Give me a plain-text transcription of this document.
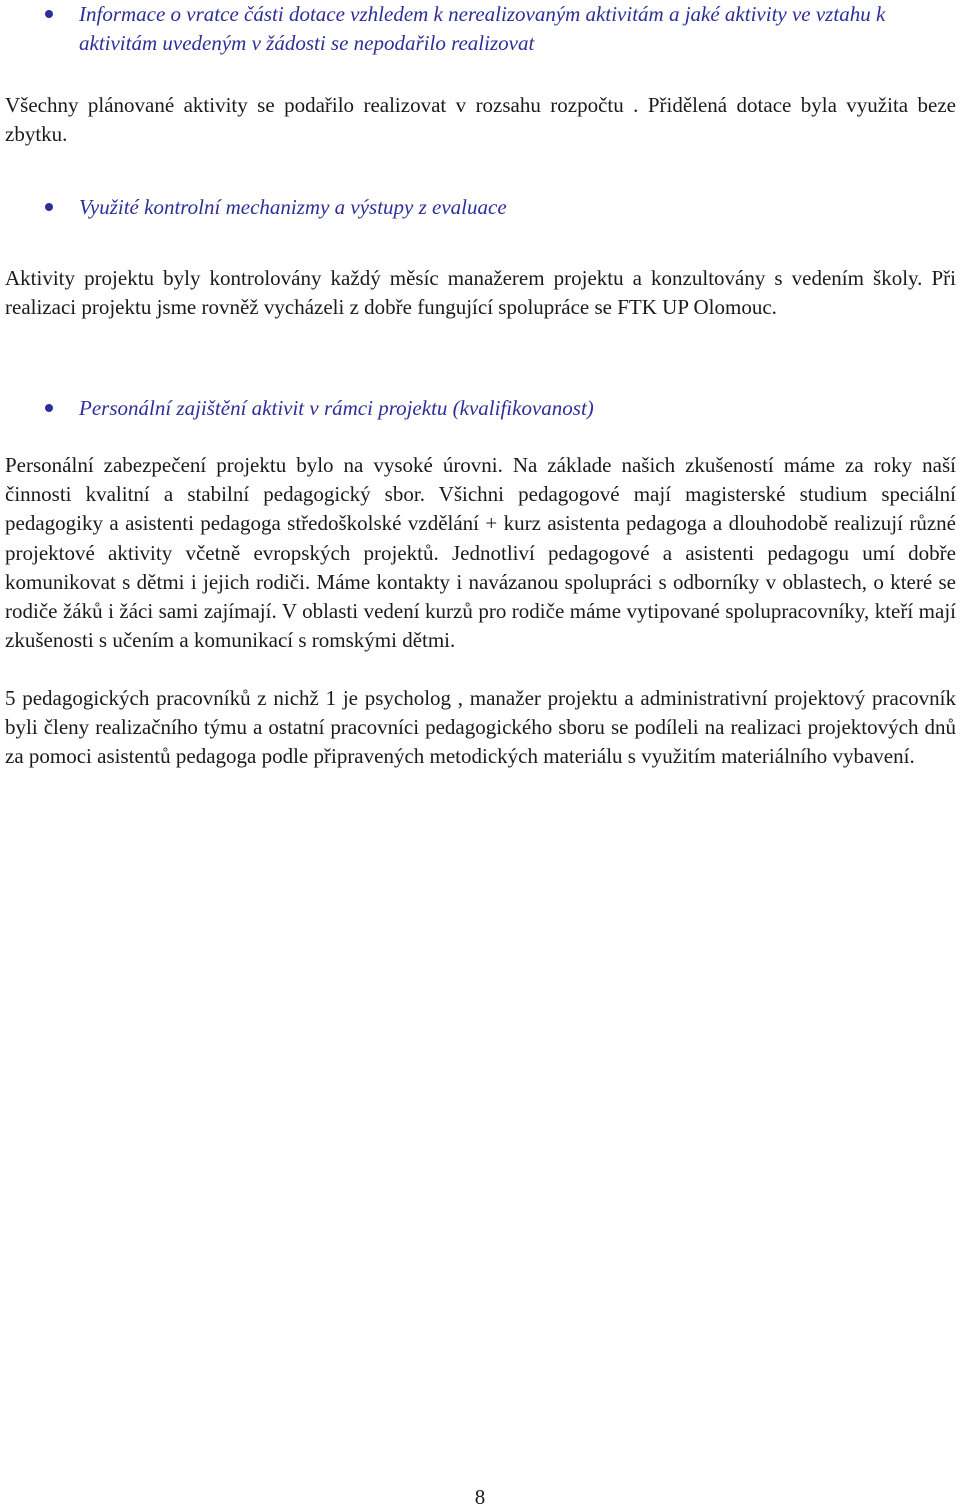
Informace o vratce části dotace vzhledem k nerealizovaným aktivitám a jaké aktivity ve vztahu k aktivitám uvedeným v žádosti se nepodařilo realizovat

Všechny plánované aktivity se podařilo realizovat v rozsahu rozpočtu . Přidělená dotace byla využita beze zbytku.

Využité kontrolní mechanizmy a výstupy z evaluace

Aktivity projektu byly kontrolovány každý měsíc manažerem projektu a konzultovány s vedením školy. Při realizaci projektu jsme rovněž vycházeli z dobře fungující spolupráce se FTK UP Olomouc.

Personální zajištění aktivit v rámci projektu (kvalifikovanost)

Personální zabezpečení projektu bylo na vysoké úrovni. Na základe našich zkušeností máme za roky naší činnosti kvalitní a stabilní pedagogický sbor. Všichni pedagogové mají magisterské studium speciální pedagogiky a asistenti pedagoga středoškolské vzdělání + kurz asistenta pedagoga a dlouhodobě realizují různé projektové aktivity včetně evropských projektů. Jednotliví pedagogové a asistenti pedagogu umí dobře komunikovat s dětmi i jejich rodiči. Máme kontakty i navázanou spolupráci s odborníky v oblastech, o které se rodiče žáků i žáci sami zajímají. V oblasti vedení kurzů pro rodiče máme vytipované spolupracovníky, kteří mají zkušenosti s učením a komunikací s romskými dětmi.

5 pedagogických pracovníků z nichž 1 je psycholog , manažer projektu a administrativní projektový pracovník byli členy realizačního týmu a ostatní pracovníci pedagogického sboru se podíleli na realizaci projektových dnů za pomoci asistentů pedagoga podle připravených metodických materiálu s využitím materiálního vybavení.

8
